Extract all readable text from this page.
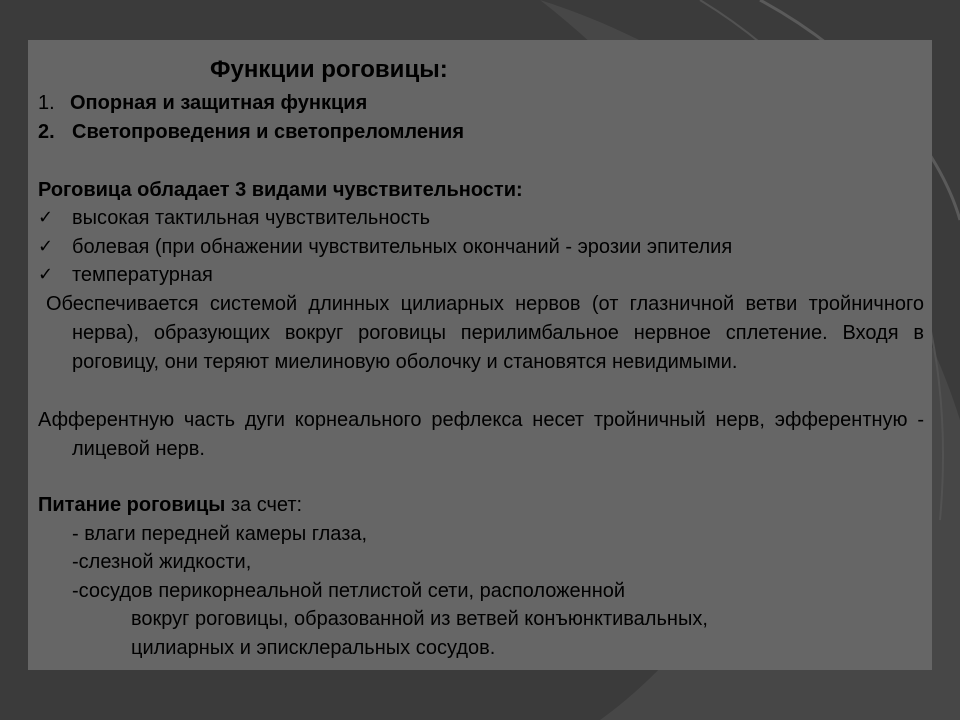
Функции роговицы:

1. Опорная и защитная функция

2. Светопроведения и светопреломления

Роговица обладает 3 видами чувствительности:

✓ высокая тактильная чувствительность

✓ болевая (при обнажении чувствительных окончаний - эрозии эпителия

✓ температурная

Обеспечивается системой длинных цилиарных нервов (от глазничной ветви тройничного нерва), образующих вокруг роговицы перилимбальное нервное сплетение. Входя в роговицу, они теряют миелиновую оболочку и становятся невидимыми.

Афферентную часть дуги корнеального рефлекса несет тройничный нерв, эфферентную - лицевой нерв.

Питание роговицы за счет:

- влаги передней камеры глаза,

-слезной жидкости,

-сосудов перикорнеальной петлистой сети, расположенной

вокруг роговицы, образованной из ветвей конъюнктивальных,

цилиарных и эписклеральных сосудов.
